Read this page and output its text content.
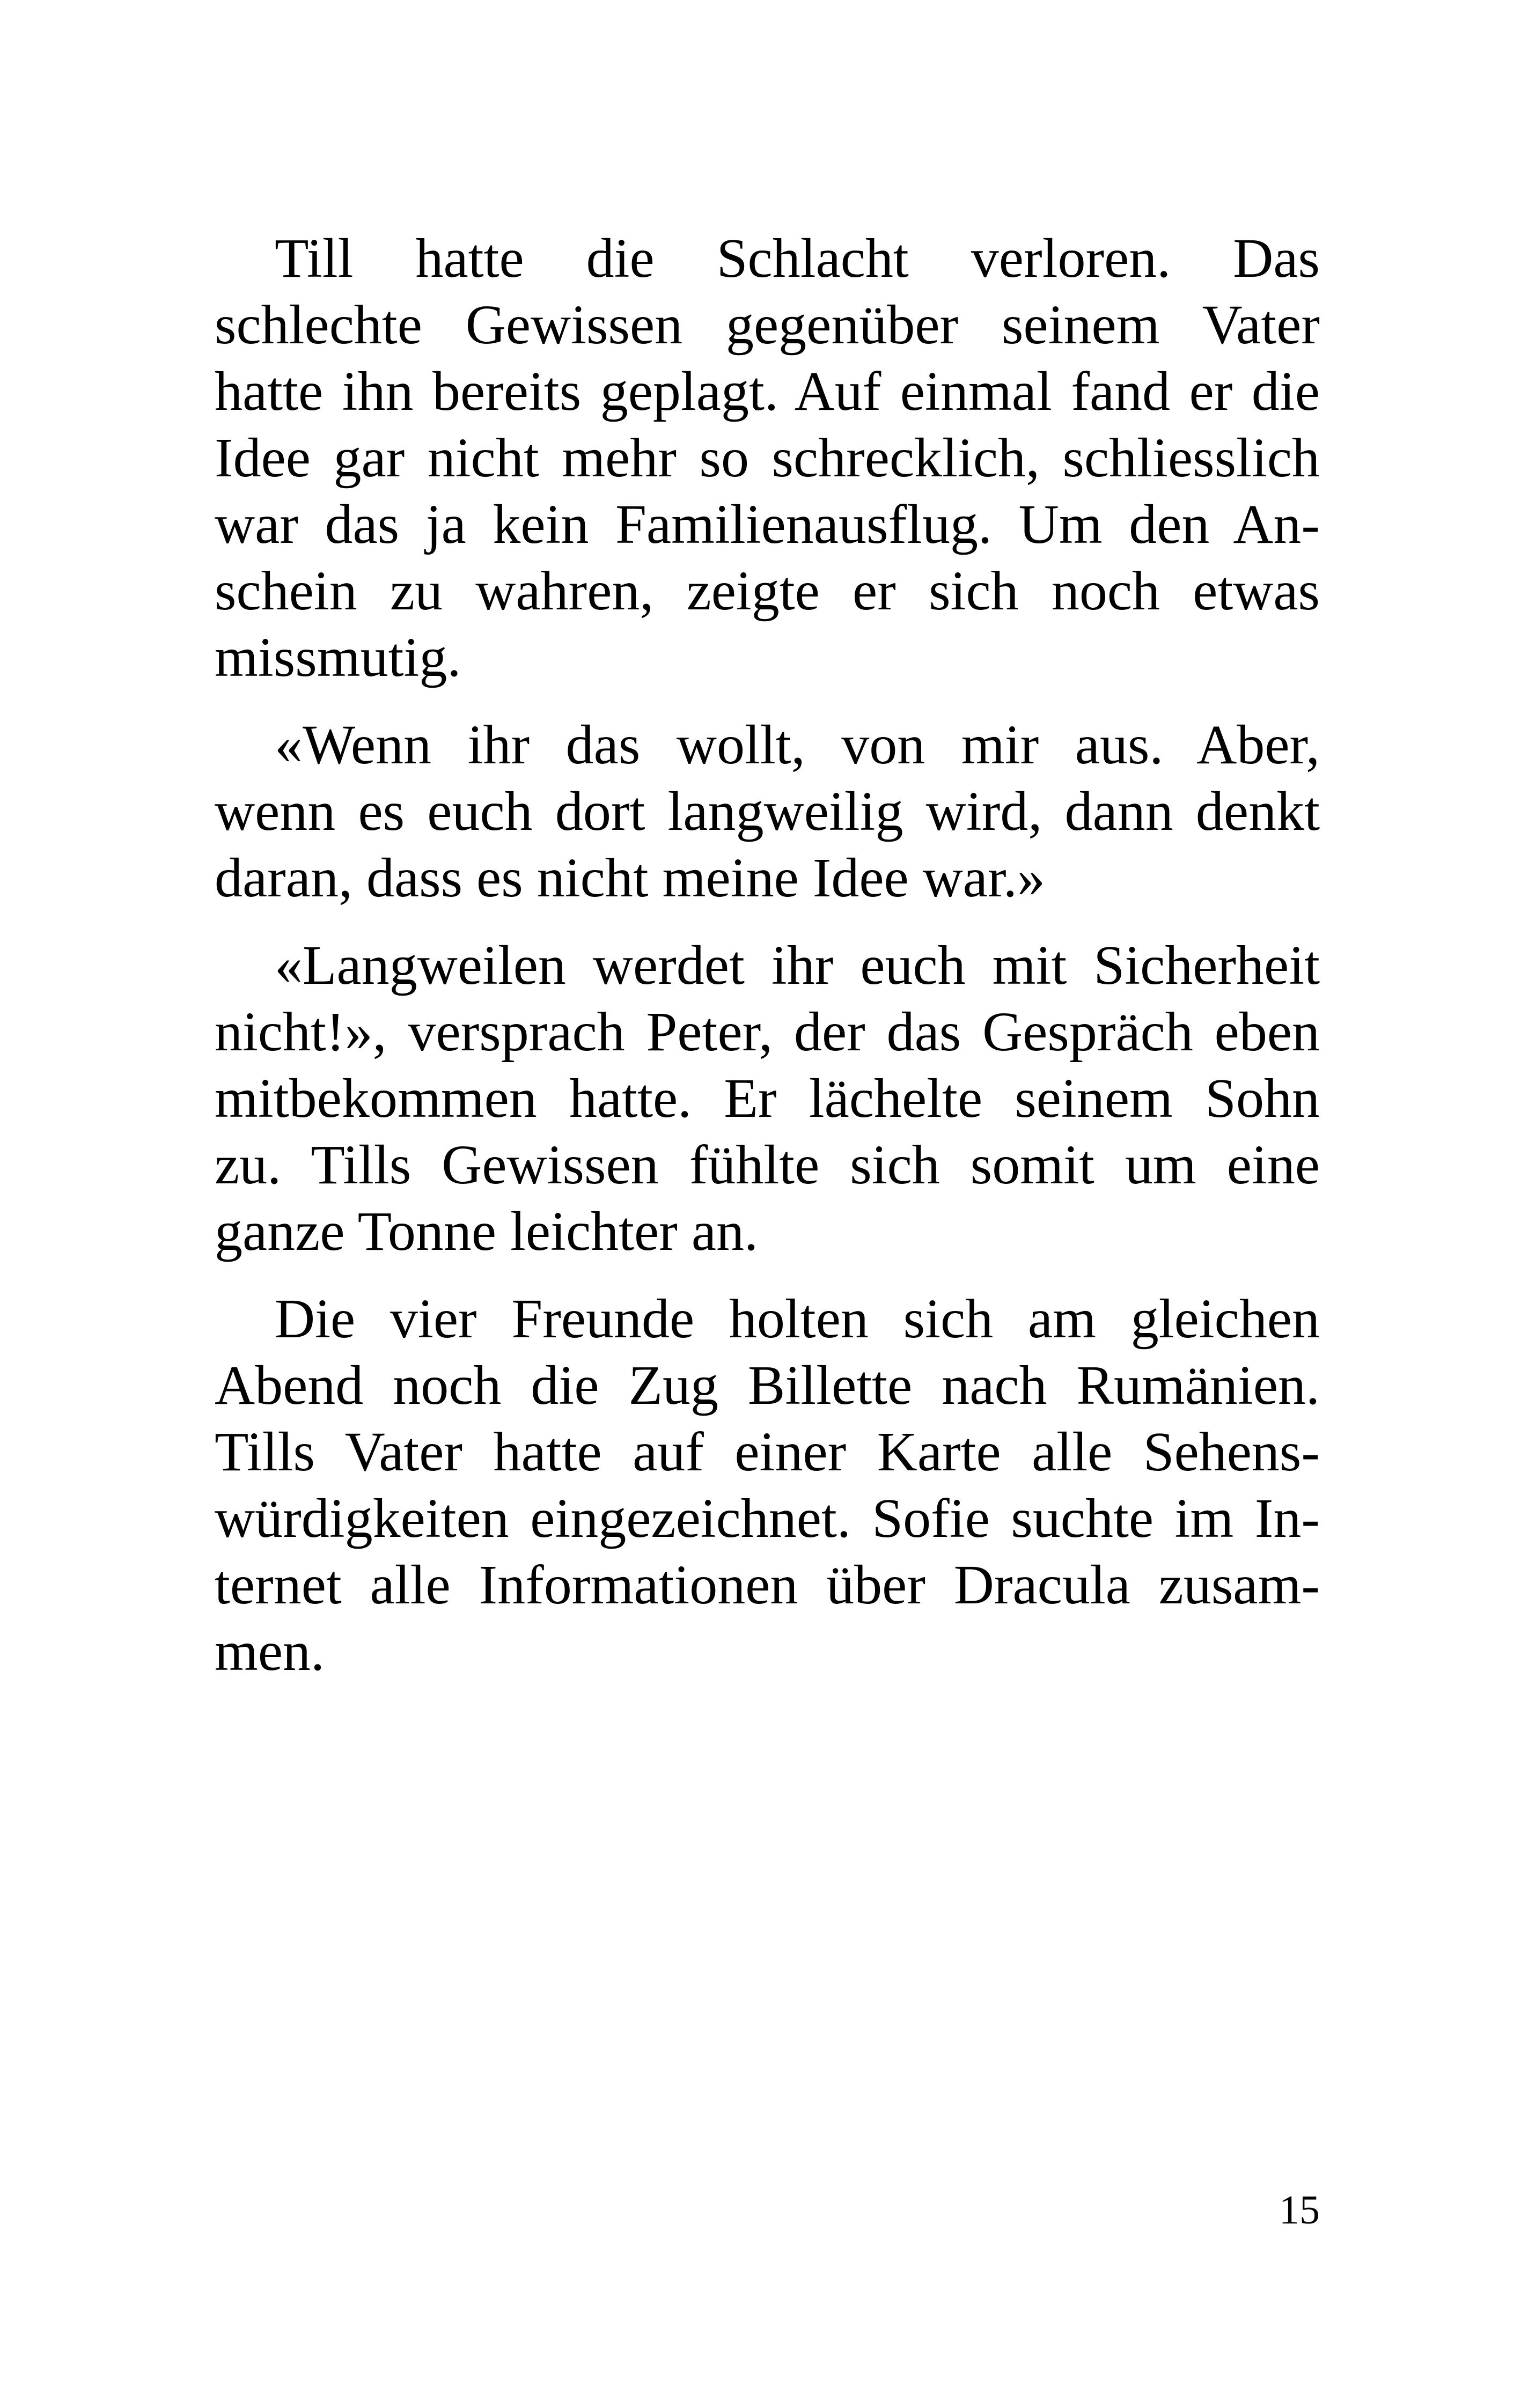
Till hatte die Schlacht verloren. Das
schlechte Gewissen gegenüber seinem Vater
hatte ihn bereits geplagt. Auf einmal fand er die
Idee gar nicht mehr so schrecklich, schliesslich
war das ja kein Familienausflug. Um den An-
schein zu wahren, zeigte er sich noch etwas
missmutig.

«Wenn ihr das wollt, von mir aus. Aber,
wenn es euch dort langweilig wird, dann denkt
daran, dass es nicht meine Idee war.»

«Langweilen werdet ihr euch mit Sicherheit
nicht!», versprach Peter, der das Gespräch eben
mitbekommen hatte. Er lächelte seinem Sohn
zu. Tills Gewissen fühlte sich somit um eine
ganze Tonne leichter an.

Die vier Freunde holten sich am gleichen
Abend noch die Zug Billette nach Rumänien.
Tills Vater hatte auf einer Karte alle Sehens-
würdigkeiten eingezeichnet. Sofie suchte im In-
ternet alle Informationen über Dracula zusam-
men.

15
